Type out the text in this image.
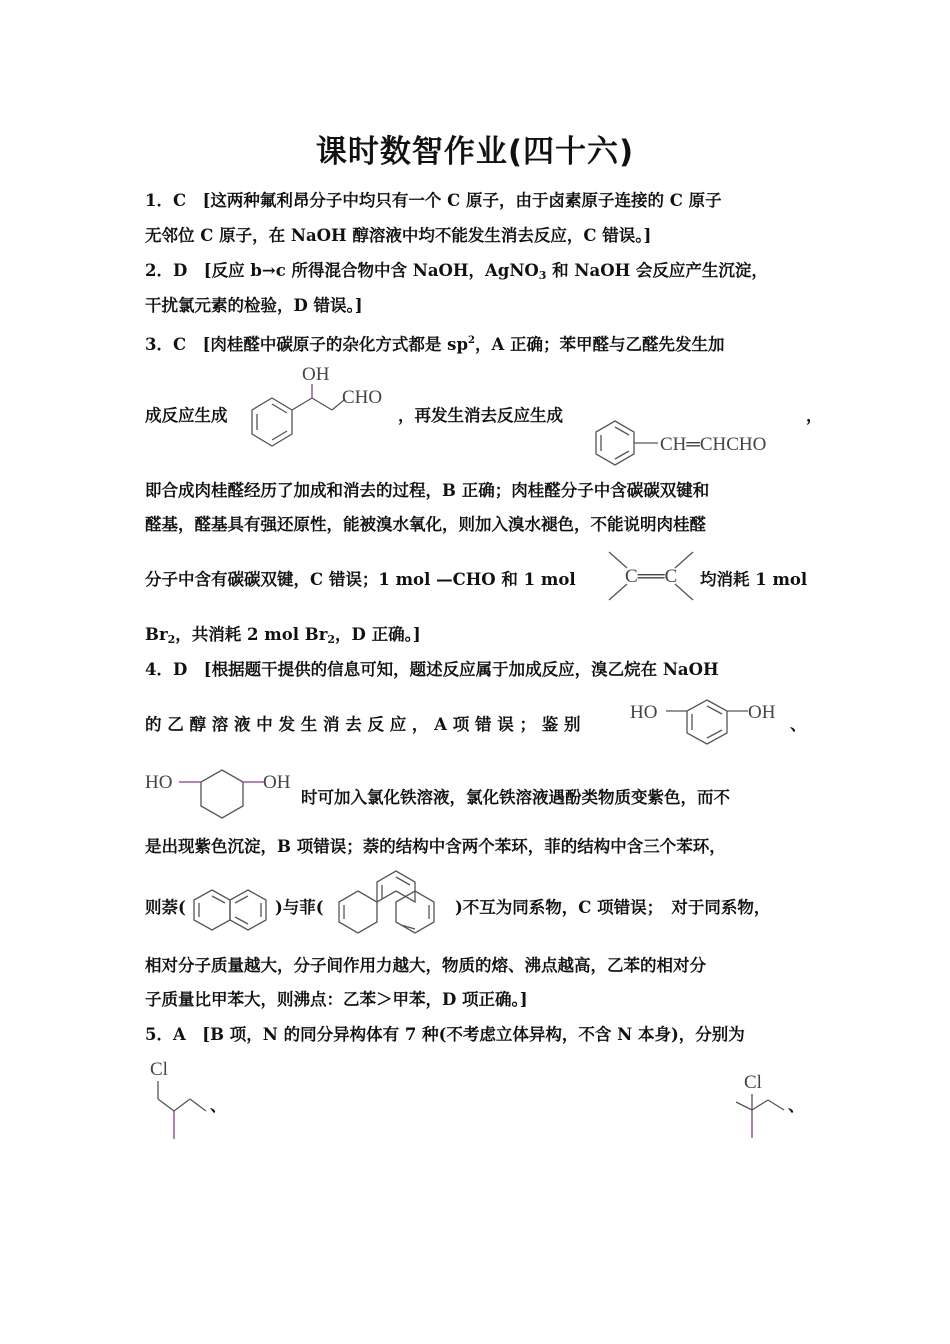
课时数智作业(四十六)
1．C　[这两种氟利昂分子中均只有一个 C 原子，由于卤素原子连接的 C 原子
无邻位 C 原子，在 NaOH 醇溶液中均不能发生消去反应，C 错误。]
2．D　[反应 b→c 所得混合物中含 NaOH，AgNO$_3$ 和 NaOH 会反应产生沉淀，
干扰氯元素的检验，D 错误。]
3．C　[肉桂醛中碳原子的杂化方式都是 $sp^2$，A 正确；苯甲醛与乙醛先发生加
成反应生成
OH
CHO
，再发生消去反应生成
CH═CHCHO
，
即合成肉桂醛经历了加成和消去的过程，B 正确；肉桂醛分子中含碳碳双键和
醛基，醛基具有强还原性，能被溴水氧化，则加入溴水褪色，不能说明肉桂醛
分子中含有碳碳双键，C 错误；1 mol —CHO 和 1 mol	C══C 均消耗 1 mol
$Br_2$，共消耗 2 mol $Br_2$，D 正确。]
4．D　[根据题干提供的信息可知，题述反应属于加成反应，溴乙烷在 NaOH
的 乙 醇 溶 液 中 发 生 消 去 反 应 ， A 项 错 误 ； 鉴 别
HO	OH
、
HO	OH
时可加入氯化铁溶液，氯化铁溶液遇酚类物质变紫色，而不
是出现紫色沉淀，B 项错误；萘的结构中含两个苯环，菲的结构中含三个苯环，
则萘(	)与菲(	)不互为同系物，C 项错误；　对于同系物，
相对分子质量越大，分子间作用力越大，物质的熔、沸点越高，乙苯的相对分
子质量比甲苯大，则沸点：乙苯＞甲苯，D 项正确。]
5．A　[B 项，N 的同分异构体有 7 种(不考虑立体异构，不含 N 本身)，分别为
Cl
、
Cl
、
